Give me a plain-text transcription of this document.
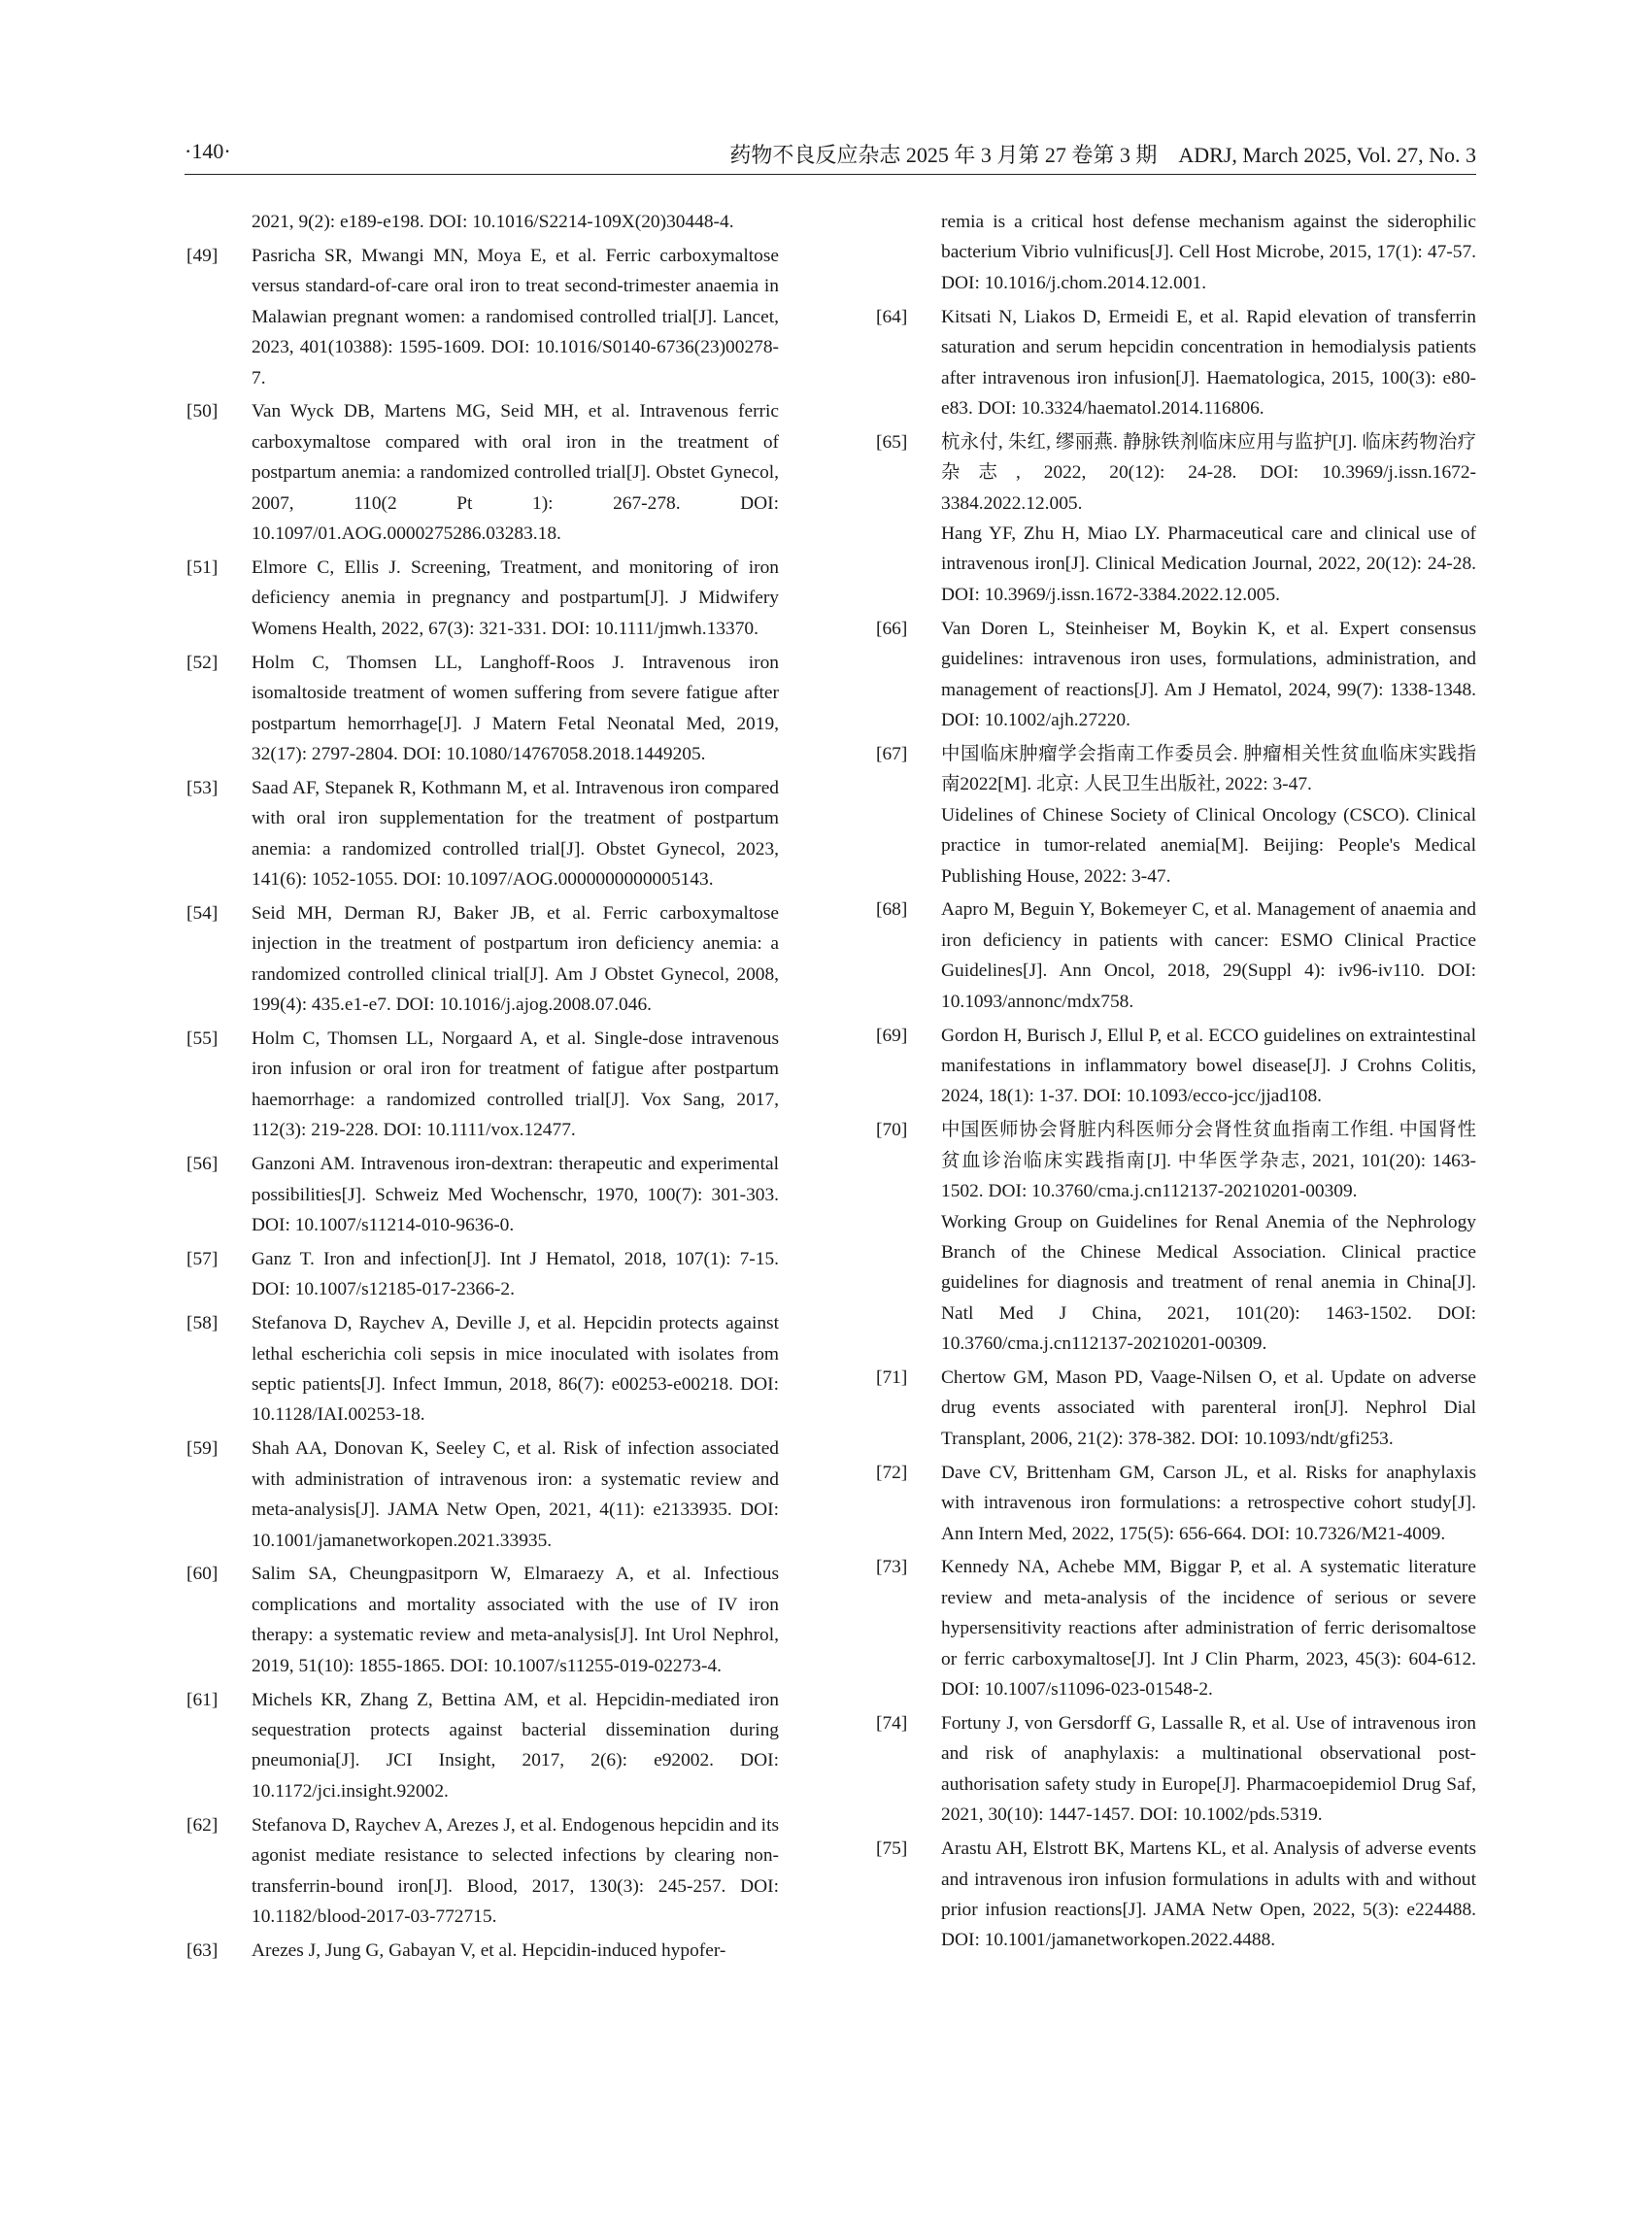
·140·	药物不良反应杂志 2025 年 3 月第 27 卷第 3 期　ADRJ, March 2025, Vol. 27, No. 3
2021, 9(2): e189-e198. DOI: 10.1016/S2214-109X(20)30448-4.
[49] Pasricha SR, Mwangi MN, Moya E, et al. Ferric carboxymaltose versus standard-of-care oral iron to treat second-trimester anaemia in Malawian pregnant women: a randomised controlled trial[J]. Lancet, 2023, 401(10388): 1595-1609. DOI: 10.1016/S0140-6736(23)00278-7.
[50] Van Wyck DB, Martens MG, Seid MH, et al. Intravenous ferric carboxymaltose compared with oral iron in the treatment of postpartum anemia: a randomized controlled trial[J]. Obstet Gynecol, 2007, 110(2 Pt 1): 267-278. DOI: 10.1097/01.AOG.0000275286.03283.18.
[51] Elmore C, Ellis J. Screening, Treatment, and monitoring of iron deficiency anemia in pregnancy and postpartum[J]. J Midwifery Womens Health, 2022, 67(3): 321-331. DOI: 10.1111/jmwh.13370.
[52] Holm C, Thomsen LL, Langhoff-Roos J. Intravenous iron isomaltoside treatment of women suffering from severe fatigue after postpartum hemorrhage[J]. J Matern Fetal Neonatal Med, 2019, 32(17): 2797-2804. DOI: 10.1080/14767058.2018.1449205.
[53] Saad AF, Stepanek R, Kothmann M, et al. Intravenous iron compared with oral iron supplementation for the treatment of postpartum anemia: a randomized controlled trial[J]. Obstet Gynecol, 2023, 141(6): 1052-1055. DOI: 10.1097/AOG.0000000000005143.
[54] Seid MH, Derman RJ, Baker JB, et al. Ferric carboxymaltose injection in the treatment of postpartum iron deficiency anemia: a randomized controlled clinical trial[J]. Am J Obstet Gynecol, 2008, 199(4): 435.e1-e7. DOI: 10.1016/j.ajog.2008.07.046.
[55] Holm C, Thomsen LL, Norgaard A, et al. Single-dose intravenous iron infusion or oral iron for treatment of fatigue after postpartum haemorrhage: a randomized controlled trial[J]. Vox Sang, 2017, 112(3): 219-228. DOI: 10.1111/vox.12477.
[56] Ganzoni AM. Intravenous iron-dextran: therapeutic and experimental possibilities[J]. Schweiz Med Wochenschr, 1970, 100(7): 301-303. DOI: 10.1007/s11214-010-9636-0.
[57] Ganz T. Iron and infection[J]. Int J Hematol, 2018, 107(1): 7-15. DOI: 10.1007/s12185-017-2366-2.
[58] Stefanova D, Raychev A, Deville J, et al. Hepcidin protects against lethal escherichia coli sepsis in mice inoculated with isolates from septic patients[J]. Infect Immun, 2018, 86(7): e00253-e00218. DOI: 10.1128/IAI.00253-18.
[59] Shah AA, Donovan K, Seeley C, et al. Risk of infection associated with administration of intravenous iron: a systematic review and meta-analysis[J]. JAMA Netw Open, 2021, 4(11): e2133935. DOI: 10.1001/jamanetworkopen.2021.33935.
[60] Salim SA, Cheungpasitporn W, Elmaraezy A, et al. Infectious complications and mortality associated with the use of IV iron therapy: a systematic review and meta-analysis[J]. Int Urol Nephrol, 2019, 51(10): 1855-1865. DOI: 10.1007/s11255-019-02273-4.
[61] Michels KR, Zhang Z, Bettina AM, et al. Hepcidin-mediated iron sequestration protects against bacterial dissemination during pneumonia[J]. JCI Insight, 2017, 2(6): e92002. DOI: 10.1172/jci.insight.92002.
[62] Stefanova D, Raychev A, Arezes J, et al. Endogenous hepcidin and its agonist mediate resistance to selected infections by clearing non-transferrin-bound iron[J]. Blood, 2017, 130(3): 245-257. DOI: 10.1182/blood-2017-03-772715.
[63] Arezes J, Jung G, Gabayan V, et al. Hepcidin-induced hypofer-
remia is a critical host defense mechanism against the siderophilic bacterium Vibrio vulnificus[J]. Cell Host Microbe, 2015, 17(1): 47-57. DOI: 10.1016/j.chom.2014.12.001.
[64] Kitsati N, Liakos D, Ermeidi E, et al. Rapid elevation of transferrin saturation and serum hepcidin concentration in hemodialysis patients after intravenous iron infusion[J]. Haematologica, 2015, 100(3): e80-e83. DOI: 10.3324/haematol.2014.116806.
[65] 杭永付, 朱红, 缪丽燕. 静脉铁剂临床应用与监护[J]. 临床药物治疗杂志, 2022, 20(12): 24-28. DOI: 10.3969/j.issn.1672-3384.2022.12.005.
Hang YF, Zhu H, Miao LY. Pharmaceutical care and clinical use of intravenous iron[J]. Clinical Medication Journal, 2022, 20(12): 24-28. DOI: 10.3969/j.issn.1672-3384.2022.12.005.
[66] Van Doren L, Steinheiser M, Boykin K, et al. Expert consensus guidelines: intravenous iron uses, formulations, administration, and management of reactions[J]. Am J Hematol, 2024, 99(7): 1338-1348. DOI: 10.1002/ajh.27220.
[67] 中国临床肿瘤学会指南工作委员会. 肿瘤相关性贫血临床实践指南2022[M]. 北京: 人民卫生出版社, 2022: 3-47.
Uidelines of Chinese Society of Clinical Oncology (CSCO). Clinical practice in tumor-related anemia[M]. Beijing: People's Medical Publishing House, 2022: 3-47.
[68] Aapro M, Beguin Y, Bokemeyer C, et al. Management of anaemia and iron deficiency in patients with cancer: ESMO Clinical Practice Guidelines[J]. Ann Oncol, 2018, 29(Suppl 4): iv96-iv110. DOI: 10.1093/annonc/mdx758.
[69] Gordon H, Burisch J, Ellul P, et al. ECCO guidelines on extraintestinal manifestations in inflammatory bowel disease[J]. J Crohns Colitis, 2024, 18(1): 1-37. DOI: 10.1093/ecco-jcc/jjad108.
[70] 中国医师协会肾脏内科医师分会肾性贫血指南工作组. 中国肾性贫血诊治临床实践指南[J]. 中华医学杂志, 2021, 101(20): 1463-1502. DOI: 10.3760/cma.j.cn112137-20210201-00309.
Working Group on Guidelines for Renal Anemia of the Nephrology Branch of the Chinese Medical Association. Clinical practice guidelines for diagnosis and treatment of renal anemia in China[J]. Natl Med J China, 2021, 101(20): 1463-1502. DOI: 10.3760/cma.j.cn112137-20210201-00309.
[71] Chertow GM, Mason PD, Vaage-Nilsen O, et al. Update on adverse drug events associated with parenteral iron[J]. Nephrol Dial Transplant, 2006, 21(2): 378-382. DOI: 10.1093/ndt/gfi253.
[72] Dave CV, Brittenham GM, Carson JL, et al. Risks for anaphylaxis with intravenous iron formulations: a retrospective cohort study[J]. Ann Intern Med, 2022, 175(5): 656-664. DOI: 10.7326/M21-4009.
[73] Kennedy NA, Achebe MM, Biggar P, et al. A systematic literature review and meta-analysis of the incidence of serious or severe hypersensitivity reactions after administration of ferric derisomaltose or ferric carboxymaltose[J]. Int J Clin Pharm, 2023, 45(3): 604-612. DOI: 10.1007/s11096-023-01548-2.
[74] Fortuny J, von Gersdorff G, Lassalle R, et al. Use of intravenous iron and risk of anaphylaxis: a multinational observational post-authorisation safety study in Europe[J]. Pharmacoepidemiol Drug Saf, 2021, 30(10): 1447-1457. DOI: 10.1002/pds.5319.
[75] Arastu AH, Elstrott BK, Martens KL, et al. Analysis of adverse events and intravenous iron infusion formulations in adults with and without prior infusion reactions[J]. JAMA Netw Open, 2022, 5(3): e224488. DOI: 10.1001/jamanetworkopen.2022.4488.
